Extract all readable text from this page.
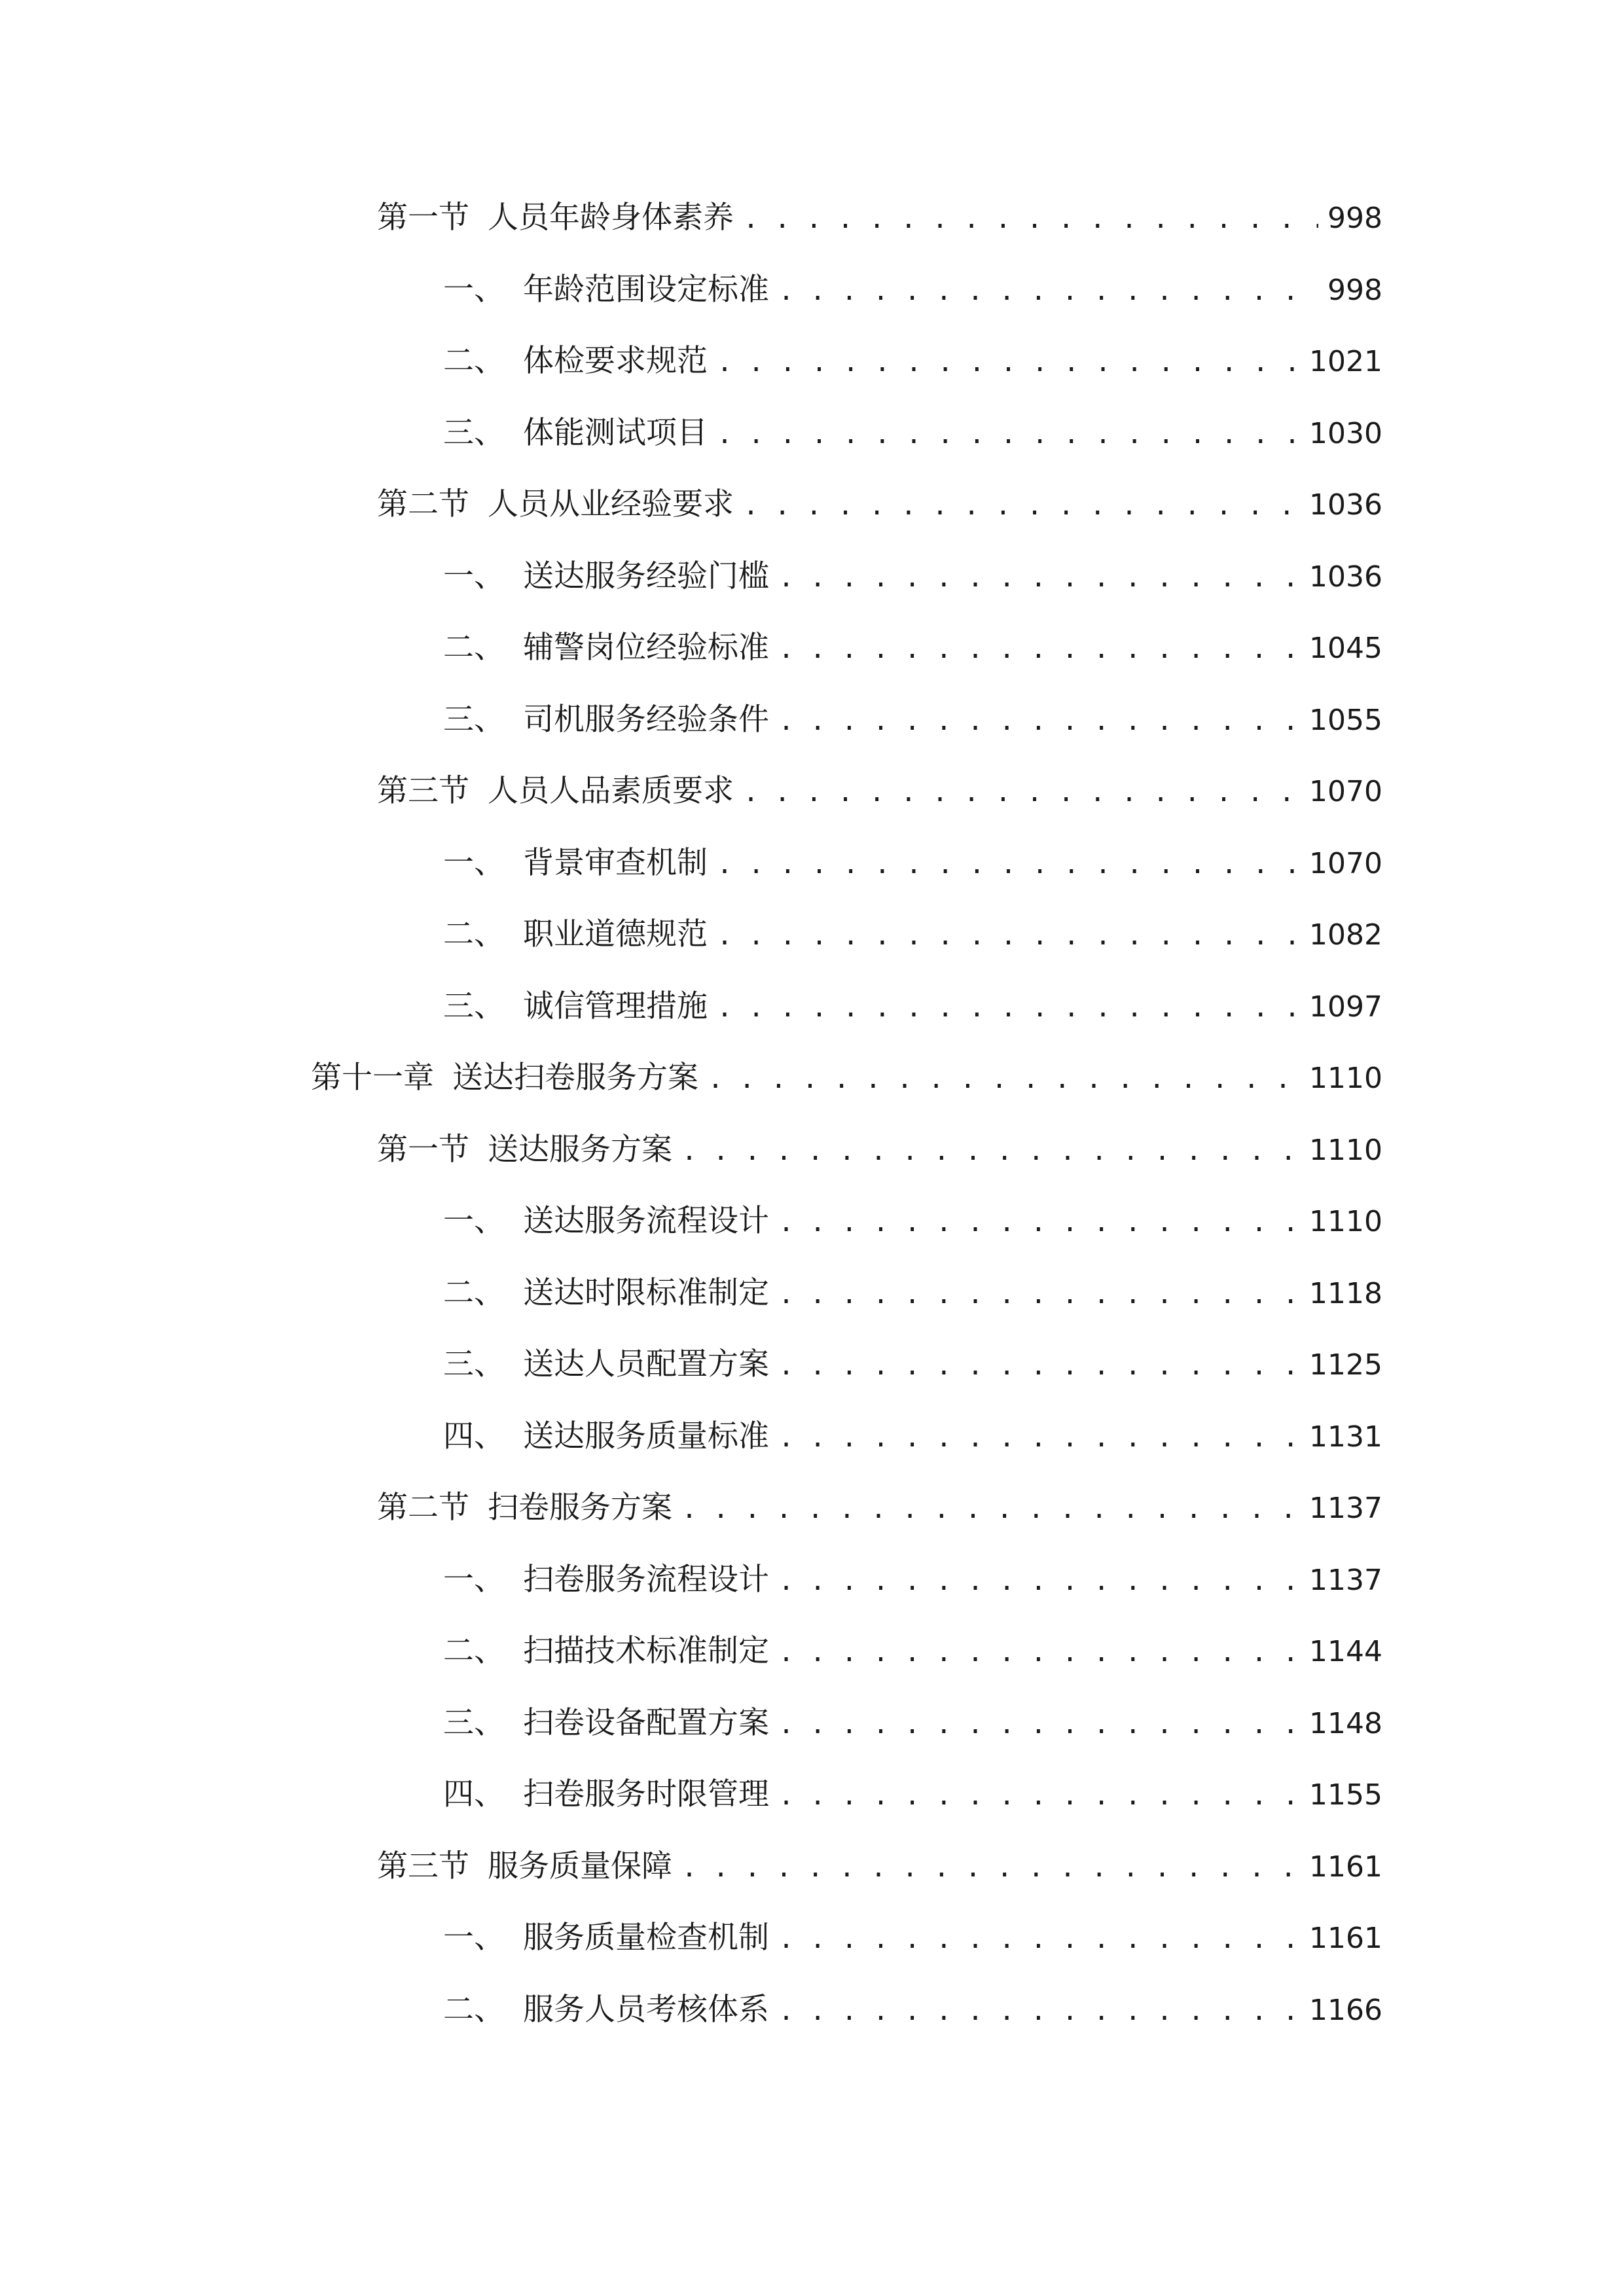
第一节 人员年龄身体素养 . . .	998
一、 年龄范围设定标准 . . .	998
二、 体检要求规范 . . .	1021
三、 体能测试项目 . . .	1030
第二节 人员从业经验要求 . . .	1036
一、 送达服务经验门槛 . . .	1036
二、 辅警岗位经验标准 . . .	1045
三、 司机服务经验条件 . . .	1055
第三节 人员人品素质要求 . . .	1070
一、 背景审查机制 . . .	1070
二、 职业道德规范 . . .	1082
三、 诚信管理措施 . . .	1097
第十一章 送达扫卷服务方案 . . .	1110
第一节 送达服务方案 . . .	1110
一、 送达服务流程设计 . . .	1110
二、 送达时限标准制定 . . .	1118
三、 送达人员配置方案 . . .	1125
四、 送达服务质量标准 . . .	1131
第二节 扫卷服务方案 . . .	1137
一、 扫卷服务流程设计 . . .	1137
二、 扫描技术标准制定 . . .	1144
三、 扫卷设备配置方案 . . .	1148
四、 扫卷服务时限管理 . . .	1155
第三节 服务质量保障 . . .	1161
一、 服务质量检查机制 . . .	1161
二、 服务人员考核体系 . . .	1166
